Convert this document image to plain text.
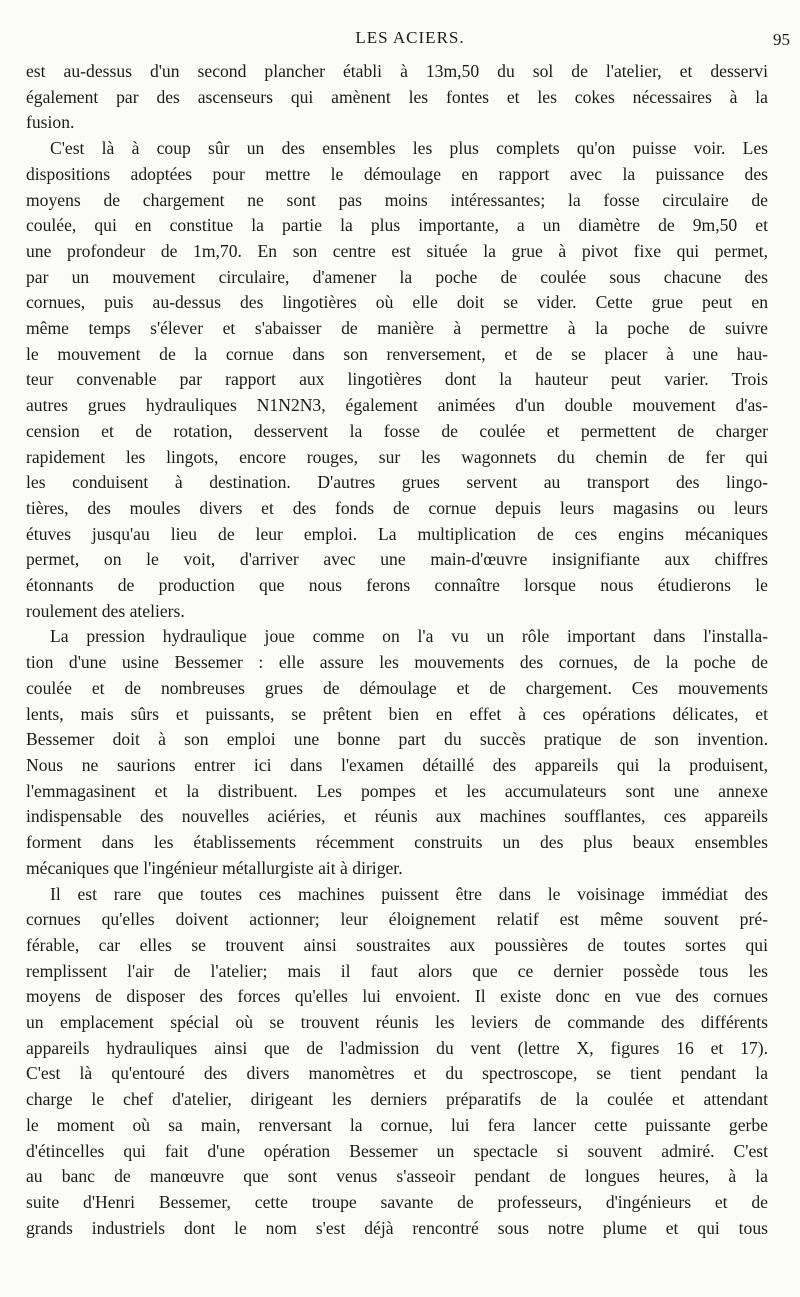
LES ACIERS.	95
est au-dessus d'un second plancher établi à 13m,50 du sol de l'atelier, et desservi
également par des ascenseurs qui amènent les fontes et les cokes nécessaires à la
fusion.
C'est là à coup sûr un des ensembles les plus complets qu'on puisse voir. Les
dispositions adoptées pour mettre le démoulage en rapport avec la puissance des
moyens de chargement ne sont pas moins intéressantes; la fosse circulaire de
coulée, qui en constitue la partie la plus importante, a un diamètre de 9m,50 et
une profondeur de 1m,70. En son centre est située la grue à pivot fixe qui permet,
par un mouvement circulaire, d'amener la poche de coulée sous chacune des
cornues, puis au-dessus des lingotières où elle doit se vider. Cette grue peut en
même temps s'élever et s'abaisser de manière à permettre à la poche de suivre
le mouvement de la cornue dans son renversement, et de se placer à une hau-
teur convenable par rapport aux lingotières dont la hauteur peut varier. Trois
autres grues hydrauliques N1N2N3, également animées d'un double mouvement d'as-
cension et de rotation, desservent la fosse de coulée et permettent de charger
rapidement les lingots, encore rouges, sur les wagonnets du chemin de fer qui
les conduisent à destination. D'autres grues servent au transport des lingo-
tières, des moules divers et des fonds de cornue depuis leurs magasins ou leurs
étuves jusqu'au lieu de leur emploi. La multiplication de ces engins mécaniques
permet, on le voit, d'arriver avec une main-d'œuvre insignifiante aux chiffres
étonnants de production que nous ferons connaître lorsque nous étudierons le
roulement des ateliers.
La pression hydraulique joue comme on l'a vu un rôle important dans l'installa-
tion d'une usine Bessemer : elle assure les mouvements des cornues, de la poche de
coulée et de nombreuses grues de démoulage et de chargement. Ces mouvements
lents, mais sûrs et puissants, se prêtent bien en effet à ces opérations délicates, et
Bessemer doit à son emploi une bonne part du succès pratique de son invention.
Nous ne saurions entrer ici dans l'examen détaillé des appareils qui la produisent,
l'emmagasinent et la distribuent. Les pompes et les accumulateurs sont une annexe
indispensable des nouvelles aciéries, et réunis aux machines soufflantes, ces appareils
forment dans les établissements récemment construits un des plus beaux ensembles
mécaniques que l'ingénieur métallurgiste ait à diriger.
Il est rare que toutes ces machines puissent être dans le voisinage immédiat des
cornues qu'elles doivent actionner; leur éloignement relatif est même souvent pré-
férable, car elles se trouvent ainsi soustraites aux poussières de toutes sortes qui
remplissent l'air de l'atelier; mais il faut alors que ce dernier possède tous les
moyens de disposer des forces qu'elles lui envoient. Il existe donc en vue des cornues
un emplacement spécial où se trouvent réunis les leviers de commande des différents
appareils hydrauliques ainsi que de l'admission du vent (lettre X, figures 16 et 17).
C'est là qu'entouré des divers manomètres et du spectroscope, se tient pendant la
charge le chef d'atelier, dirigeant les derniers préparatifs de la coulée et attendant
le moment où sa main, renversant la cornue, lui fera lancer cette puissante gerbe
d'étincelles qui fait d'une opération Bessemer un spectacle si souvent admiré. C'est
au banc de manœuvre que sont venus s'asseoir pendant de longues heures, à la
suite d'Henri Bessemer, cette troupe savante de professeurs, d'ingénieurs et de
grands industriels dont le nom s'est déjà rencontré sous notre plume et qui tous
